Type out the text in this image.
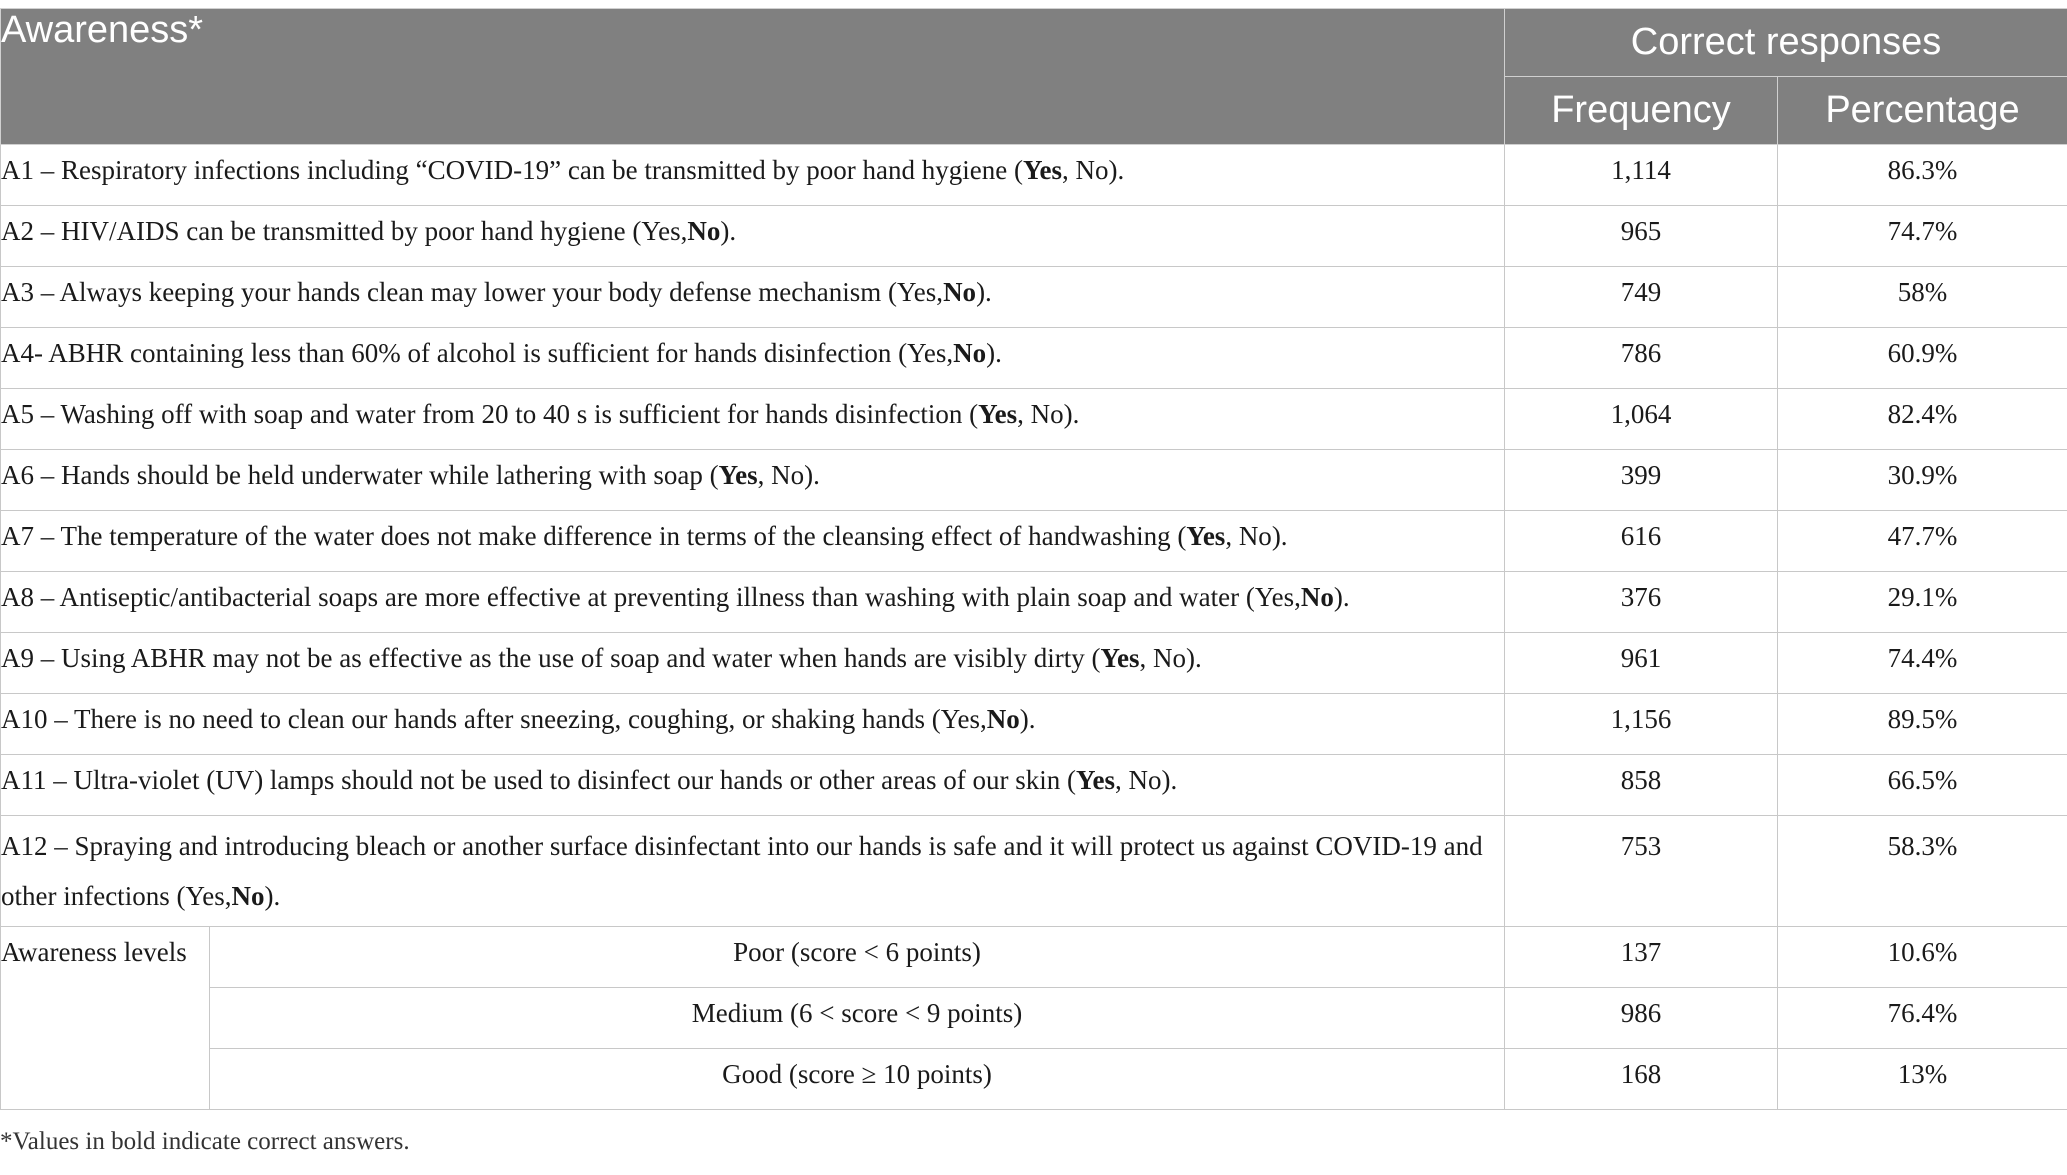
Awareness*		Correct responses	
		Frequency	Percentage
A1 – Respiratory infections including “COVID-19” can be transmitted by poor hand hygiene (Yes, No).		1,114	86.3%
A2 – HIV/AIDS can be transmitted by poor hand hygiene (Yes,No).		965	74.7%
A3 – Always keeping your hands clean may lower your body defense mechanism (Yes,No).		749	58%
A4- ABHR containing less than 60% of alcohol is sufficient for hands disinfection (Yes,No).		786	60.9%
A5 – Washing off with soap and water from 20 to 40 s is sufficient for hands disinfection (Yes, No).		1,064	82.4%
A6 – Hands should be held underwater while lathering with soap (Yes, No).		399	30.9%
A7 – The temperature of the water does not make difference in terms of the cleansing effect of handwashing (Yes, No).		616	47.7%
A8 – Antiseptic/antibacterial soaps are more effective at preventing illness than washing with plain soap and water (Yes,No).		376	29.1%
A9 – Using ABHR may not be as effective as the use of soap and water when hands are visibly dirty (Yes, No).		961	74.4%
A10 – There is no need to clean our hands after sneezing, coughing, or shaking hands (Yes,No).		1,156	89.5%
A11 – Ultra-violet (UV) lamps should not be used to disinfect our hands or other areas of our skin (Yes, No).		858	66.5%
A12 – Spraying and introducing bleach or another surface disinfectant into our hands is safe and it will protect us against COVID-19 and other infections (Yes,No).		753	58.3%
Awareness levels	Poor (score < 6 points)	137	10.6%
	Medium (6 < score < 9 points)	986	76.4%
	Good (score ≥ 10 points)	168	13%
*Values in bold indicate correct answers.
